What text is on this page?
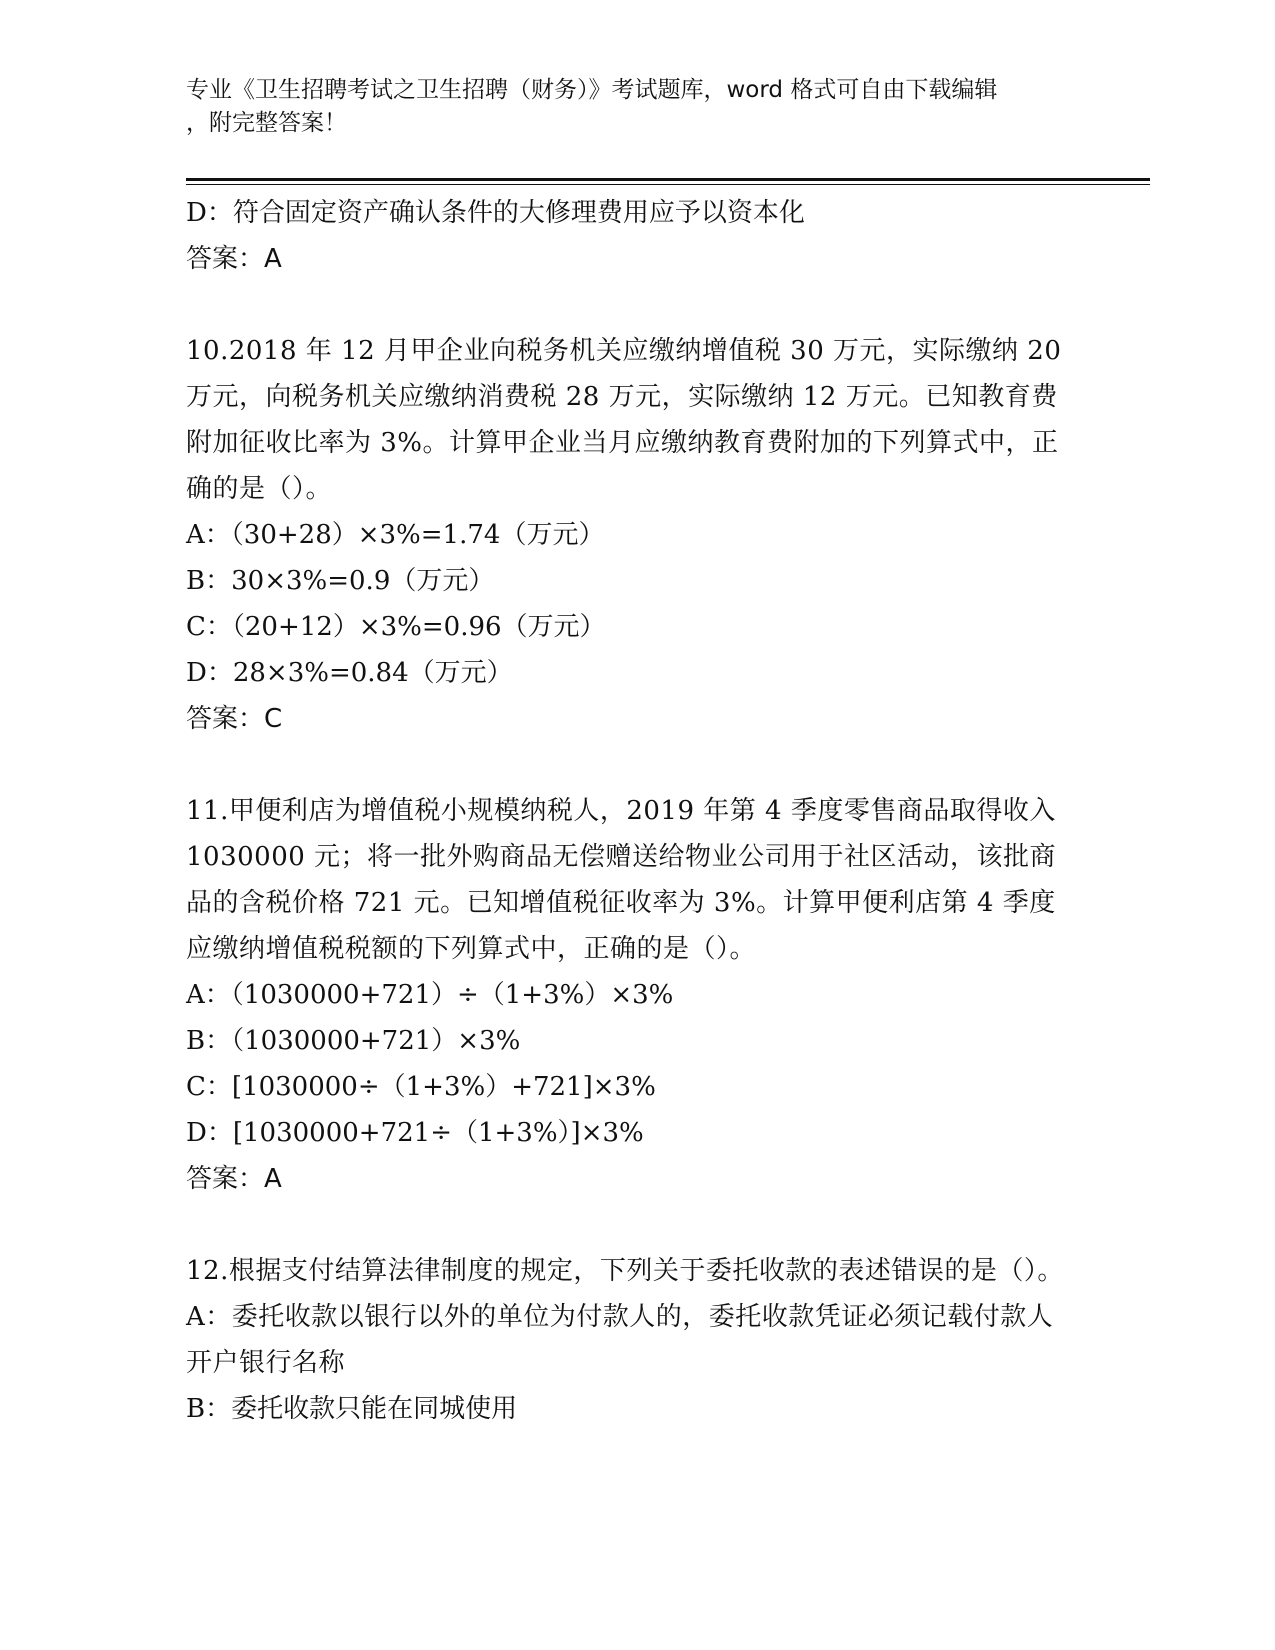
专业《卫生招聘考试之卫生招聘（财务）》考试题库，word 格式可自由下载编辑
，附完整答案！

D：符合固定资产确认条件的大修理费用应予以资本化

答案：A

10.2018 年 12 月甲企业向税务机关应缴纳增值税 30 万元，实际缴纳 20 万元，向税务机关应缴纳消费税 28 万元，实际缴纳 12 万元。已知教育费附加征收比率为 3%。计算甲企业当月应缴纳教育费附加的下列算式中，正确的是（）。

A：（30+28）×3%=1.74（万元）

B：30×3%=0.9（万元）

C：（20+12）×3%=0.96（万元）

D：28×3%=0.84（万元）

答案：C

11.甲便利店为增值税小规模纳税人，2019 年第 4 季度零售商品取得收入 1030000 元；将一批外购商品无偿赠送给物业公司用于社区活动，该批商品的含税价格 721 元。已知增值税征收率为 3%。计算甲便利店第 4 季度应缴纳增值税税额的下列算式中，正确的是（）。

A：（1030000+721）÷（1+3%）×3%

B：（1030000+721）×3%

C：[1030000÷（1+3%）+721]×3%

D：[1030000+721÷（1+3%）]×3%

答案：A

12.根据支付结算法律制度的规定，下列关于委托收款的表述错误的是（）。

A：委托收款以银行以外的单位为付款人的，委托收款凭证必须记载付款人开户银行名称

B：委托收款只能在同城使用
